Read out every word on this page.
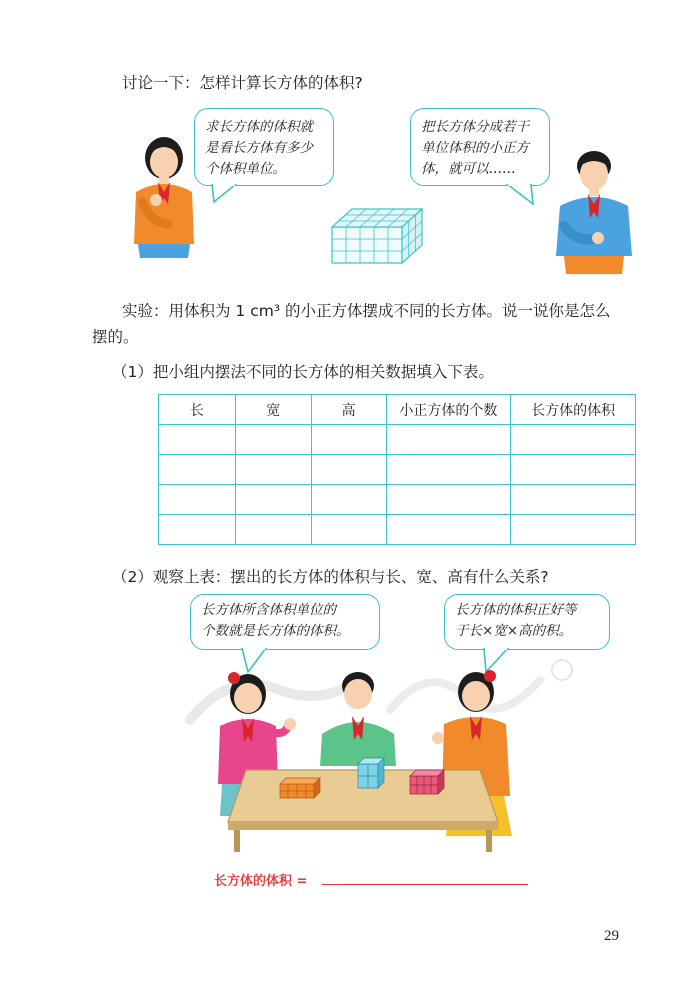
讨论一下：怎样计算长方体的体积?
求长方体的体积就
是看长方体有多少
个体积单位。
把长方体分成若干
单位体积的小正方
体，就可以……
实验：用体积为 1 cm³ 的小正方体摆成不同的长方体。说一说你是怎么
摆的。
（1）把小组内摆法不同的长方体的相关数据填入下表。
长	宽	高	小正方体的个数	长方体的体积

（2）观察上表：摆出的长方体的体积与长、宽、高有什么关系?
长方体所含体积单位的
个数就是长方体的体积。
长方体的体积正好等
于长×宽×高的积。
长方体的体积 =
29
